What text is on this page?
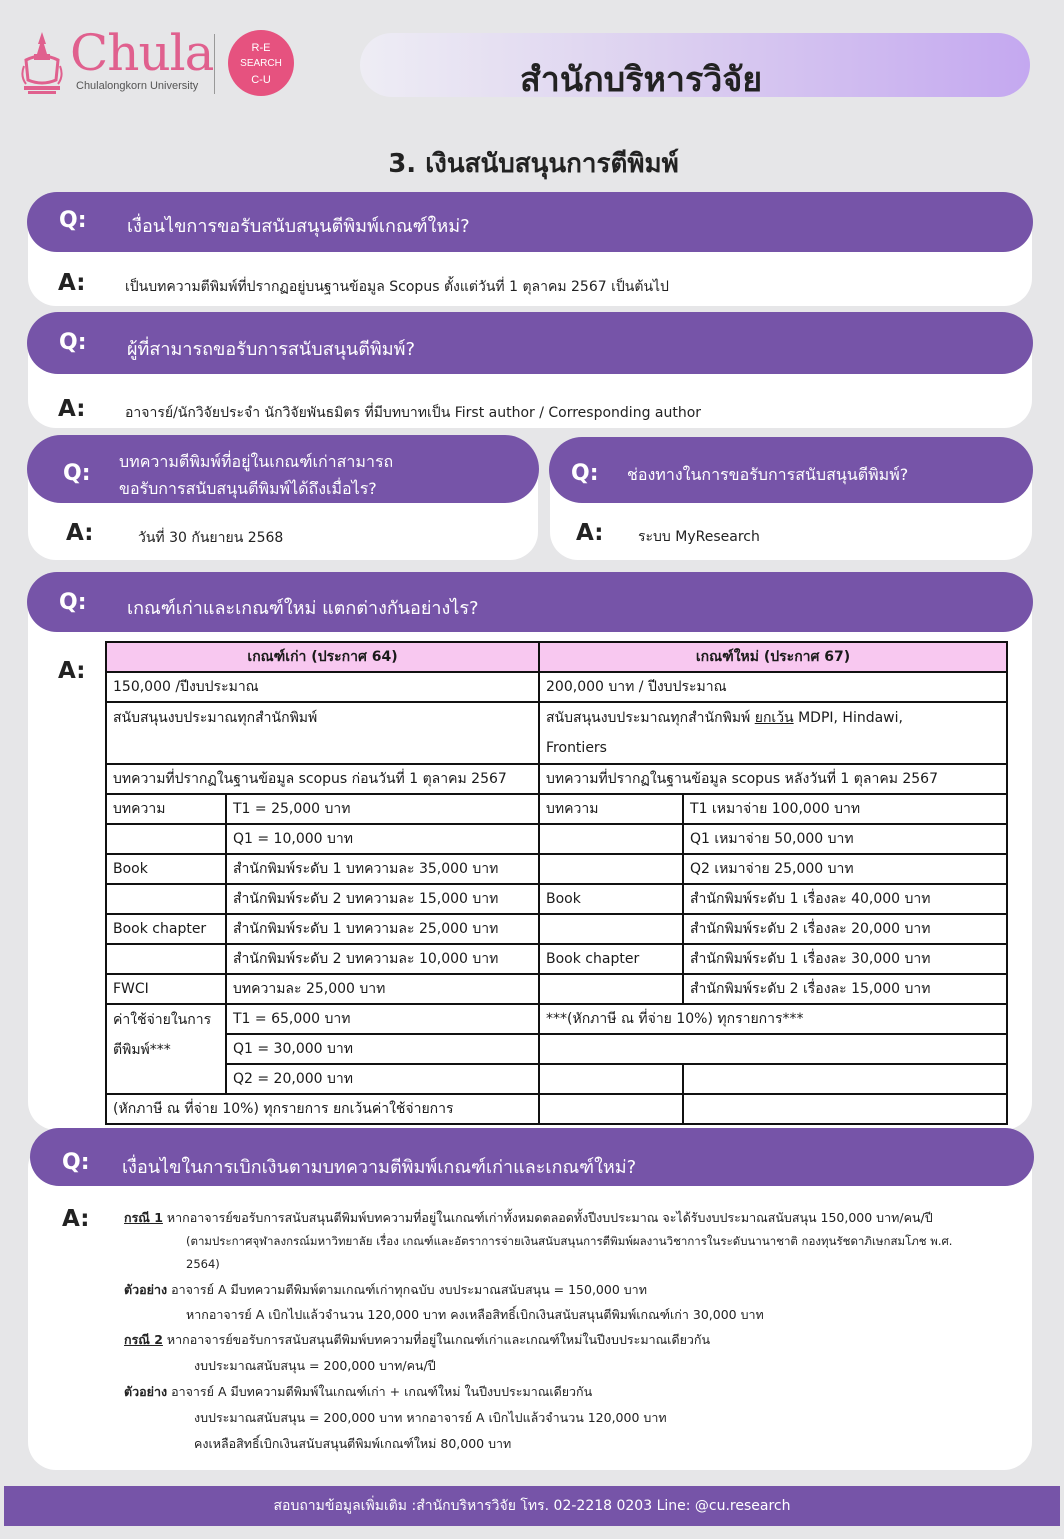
Chula
Chulalongkorn University
R-E
SEARCH
C-U	สำนักบริหารวิจัย
3. เงินสนับสนุนการตีพิมพ์
Q: เงื่อนไขการขอรับสนับสนุนตีพิมพ์เกณฑ์ใหม่?
A:	เป็นบทความตีพิมพ์ที่ปรากฏอยู่บนฐานข้อมูล Scopus ตั้งแต่วันที่ 1 ตุลาคม 2567 เป็นต้นไป
Q: ผู้ที่สามารถขอรับการสนับสนุนตีพิมพ์?
A:	อาจารย์/นักวิจัยประจำ นักวิจัยพันธมิตร ที่มีบทบาทเป็น First author / Corresponding author
Q: บทความตีพิมพ์ที่อยู่ในเกณฑ์เก่าสามารถ
ขอรับการสนับสนุนตีพิมพ์ได้ถึงเมื่อไร?
A:	วันที่ 30 กันยายน 2568
Q: ช่องทางในการขอรับการสนับสนุนตีพิมพ์?
A: ระบบ MyResearch
Q: เกณฑ์เก่าและเกณฑ์ใหม่ แตกต่างกันอย่างไร?
A:
เกณฑ์เก่า (ประกาศ 64)		เกณฑ์ใหม่ (ประกาศ 67)	
150,000 /ปีงบประมาณ		200,000 บาท / ปีงบประมาณ	
สนับสนุนงบประมาณทุกสำนักพิมพ์		สนับสนุนงบประมาณทุกสำนักพิมพ์ ยกเว้น MDPI, Hindawi,
Frontiers	
บทความที่ปรากฏในฐานข้อมูล scopus ก่อนวันที่ 1 ตุลาคม 2567		บทความที่ปรากฏในฐานข้อมูล scopus หลังวันที่ 1 ตุลาคม 2567	
บทความ	T1 = 25,000 บาท	บทความ	T1 เหมาจ่าย 100,000 บาท
	Q1 = 10,000 บาท		Q1 เหมาจ่าย 50,000 บาท
Book	สำนักพิมพ์ระดับ 1 บทความละ 35,000 บาท		Q2 เหมาจ่าย 25,000 บาท
	สำนักพิมพ์ระดับ 2 บทความละ 15,000 บาท	Book	สำนักพิมพ์ระดับ 1 เรื่องละ 40,000 บาท
Book chapter	สำนักพิมพ์ระดับ 1 บทความละ 25,000 บาท		สำนักพิมพ์ระดับ 2 เรื่องละ 20,000 บาท
	สำนักพิมพ์ระดับ 2 บทความละ 10,000 บาท	Book chapter	สำนักพิมพ์ระดับ 1 เรื่องละ 30,000 บาท
FWCI	บทความละ 25,000 บาท		สำนักพิมพ์ระดับ 2 เรื่องละ 15,000 บาท
ค่าใช้จ่ายในการตีพิมพ์***	T1 = 65,000 บาท	***(หักภาษี ณ ที่จ่าย 10%) ทุกรายการ***	
	Q1 = 30,000 บาท		
	Q2 = 20,000 บาท		
(หักภาษี ณ ที่จ่าย 10%) ทุกรายการ ยกเว้นค่าใช้จ่ายการ			
Q: เงื่อนไขในการเบิกเงินตามบทความตีพิมพ์เกณฑ์เก่าและเกณฑ์ใหม่?
A:	กรณี 1 หากอาจารย์ขอรับการสนับสนุนตีพิมพ์บทความที่อยู่ในเกณฑ์เก่าทั้งหมดตลอดทั้งปีงบประมาณ จะได้รับงบประมาณสนับสนุน 150,000 บาท/คน/ปี
(ตามประกาศจุฬาลงกรณ์มหาวิทยาลัย เรื่อง เกณฑ์และอัตราการจ่ายเงินสนับสนุนการตีพิมพ์ผลงานวิชาการในระดับนานาชาติ กองทุนรัชดาภิเษกสมโภช พ.ศ.
2564)
ตัวอย่าง อาจารย์ A มีบทความตีพิมพ์ตามเกณฑ์เก่าทุกฉบับ งบประมาณสนับสนุน = 150,000 บาท
หากอาจารย์ A เบิกไปแล้วจำนวน 120,000 บาท คงเหลือสิทธิ์เบิกเงินสนับสนุนตีพิมพ์เกณฑ์เก่า 30,000 บาท
กรณี 2 หากอาจารย์ขอรับการสนับสนุนตีพิมพ์บทความที่อยู่ในเกณฑ์เก่าและเกณฑ์ใหม่ในปีงบประมาณเดียวกัน
งบประมาณสนับสนุน = 200,000 บาท/คน/ปี
ตัวอย่าง อาจารย์ A มีบทความตีพิมพ์ในเกณฑ์เก่า + เกณฑ์ใหม่ ในปีงบประมาณเดียวกัน
งบประมาณสนับสนุน = 200,000 บาท หากอาจารย์ A เบิกไปแล้วจำนวน 120,000 บาท
คงเหลือสิทธิ์เบิกเงินสนับสนุนตีพิมพ์เกณฑ์ใหม่ 80,000 บาท
สอบถามข้อมูลเพิ่มเติม :สำนักบริหารวิจัย โทร. 02-2218 0203 Line: @cu.research
